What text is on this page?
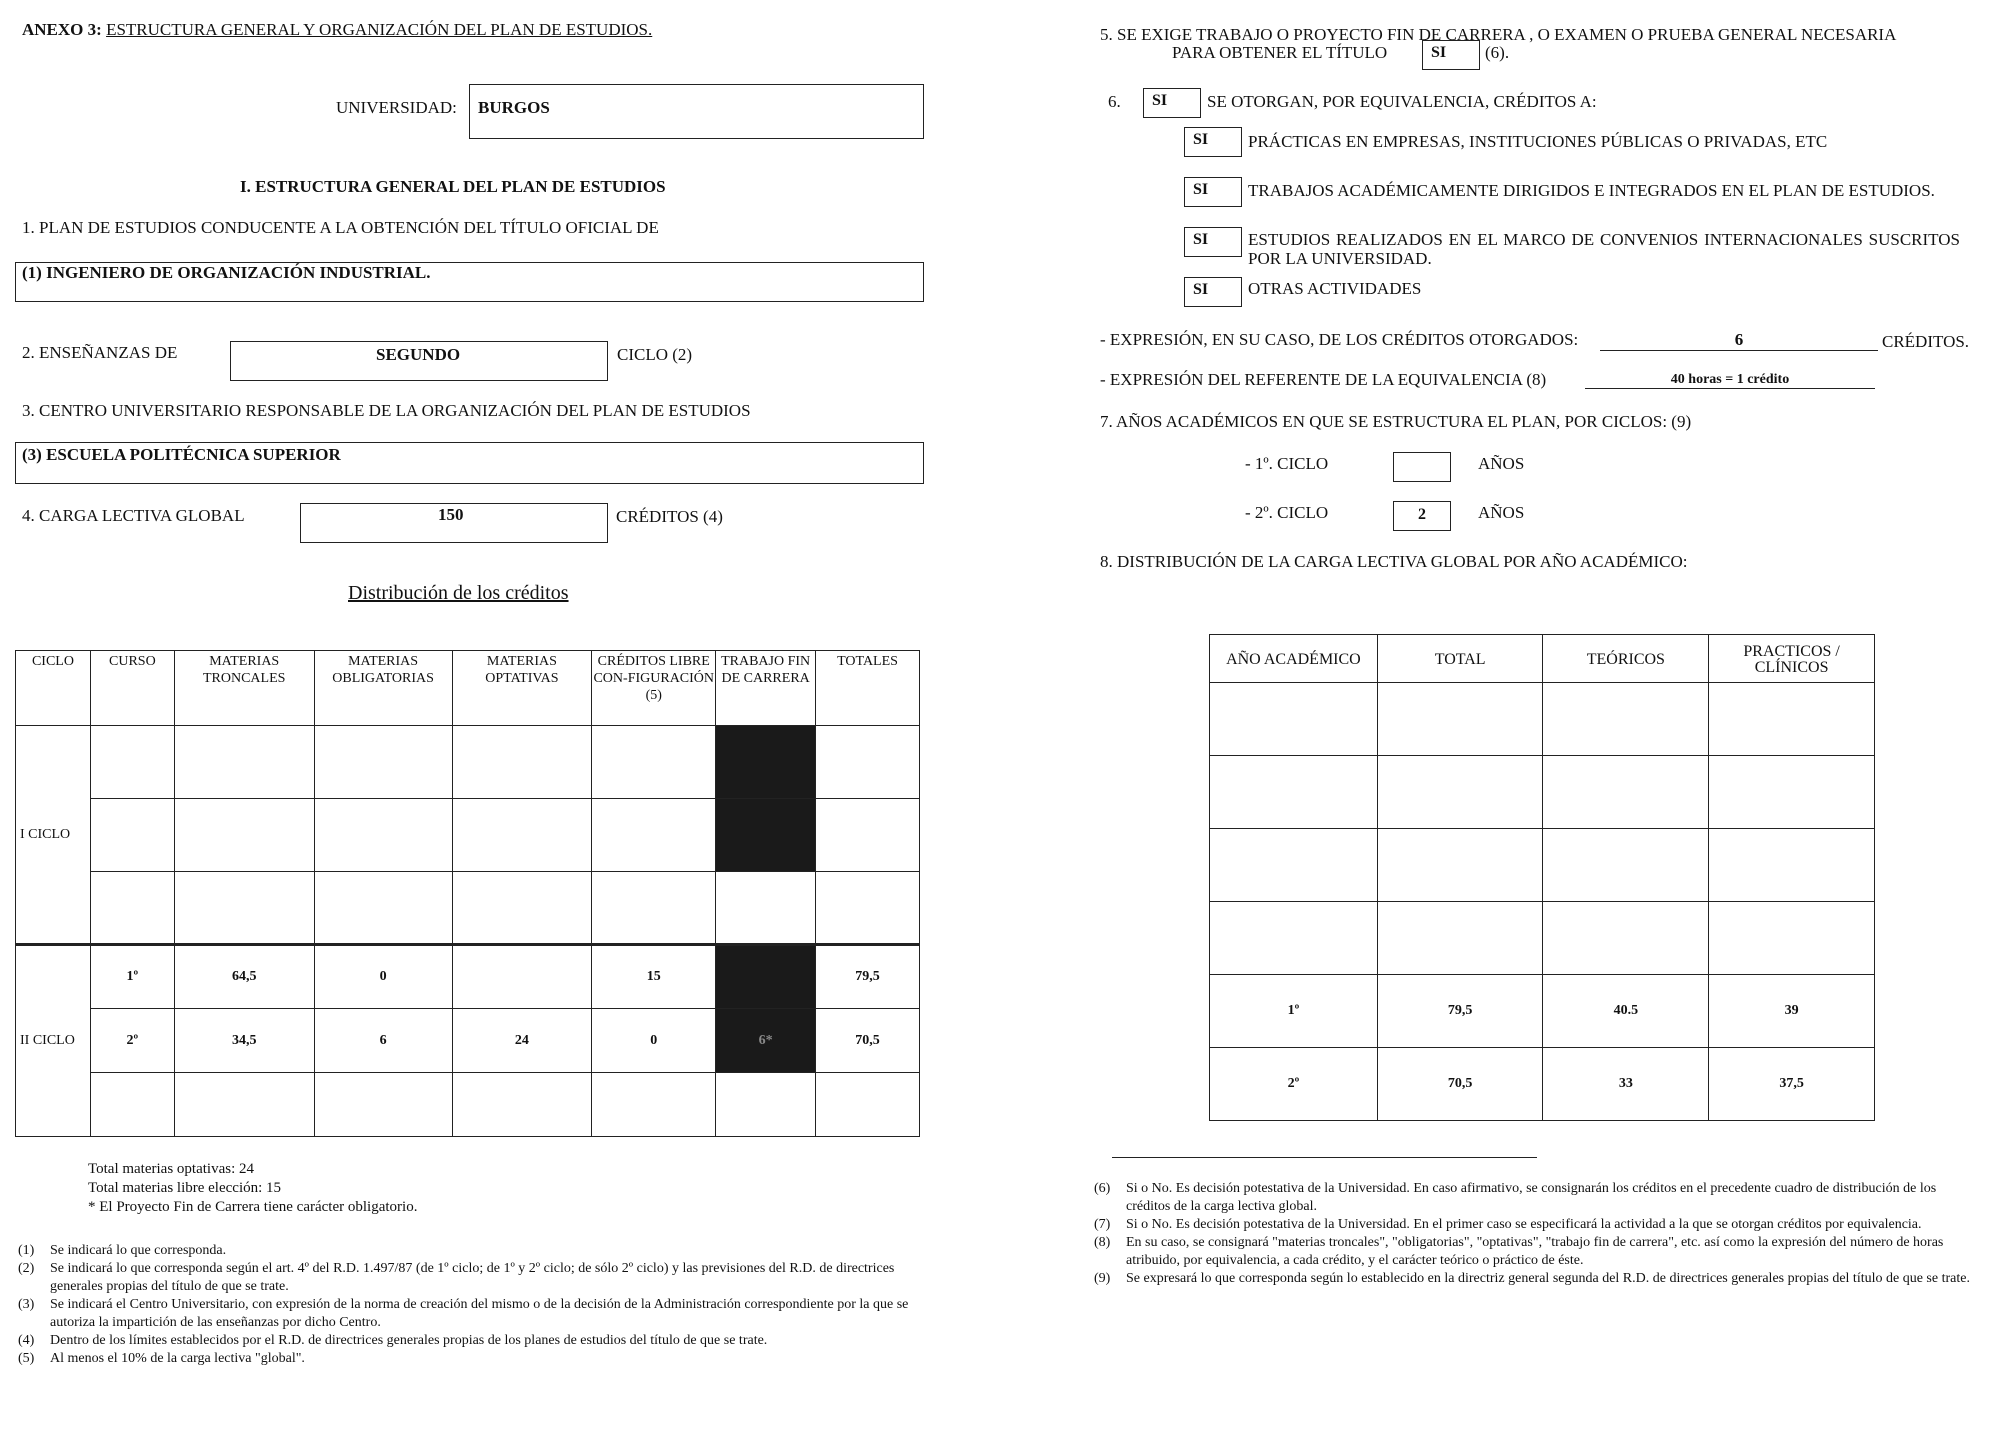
ANEXO 3: ESTRUCTURA GENERAL Y ORGANIZACIÓN DEL PLAN DE ESTUDIOS.
UNIVERSIDAD: BURGOS
I. ESTRUCTURA GENERAL DEL PLAN DE ESTUDIOS
1. PLAN DE ESTUDIOS CONDUCENTE A LA OBTENCIÓN DEL TÍTULO OFICIAL DE
(1) INGENIERO DE ORGANIZACIÓN INDUSTRIAL.
2. ENSEÑANZAS DE	SEGUNDO	CICLO (2)
3. CENTRO UNIVERSITARIO RESPONSABLE DE LA ORGANIZACIÓN DEL PLAN DE ESTUDIOS
(3) ESCUELA POLITÉCNICA SUPERIOR
4. CARGA LECTIVA GLOBAL	150	CRÉDITOS (4)
Distribución de los créditos
CICLO	CURSO	MATERIAS TRONCALES	MATERIAS OBLIGATORIAS	MATERIAS OPTATIVAS	CRÉDITOS LIBRE CON-FIGURACIÓN (5)	TRABAJO FIN DE CARRERA	TOTALES
I CICLO							

II CICLO	1º	64,5	0		15		79,5
	2º	34,5	6	24	0	6*	70,5

Total materias optativas: 24
Total materias libre elección: 15
* El Proyecto Fin de Carrera tiene carácter obligatorio.
(1)	Se indicará lo que corresponda.
(2)	Se indicará lo que corresponda según el art. 4º del R.D. 1.497/87 (de 1º ciclo; de 1º y 2º ciclo; de sólo 2º ciclo) y las previsiones del R.D. de directrices generales propias del título de que se trate.
(3)	Se indicará el Centro Universitario, con expresión de la norma de creación del mismo o de la decisión de la Administración correspondiente por la que se autoriza la impartición de las enseñanzas por dicho Centro.
(4)	Dentro de los límites establecidos por el R.D. de directrices generales propias de los planes de estudios del título de que se trate.
(5)	Al menos el 10% de la carga lectiva "global".
5. SE EXIGE TRABAJO O PROYECTO FIN DE CARRERA , O EXAMEN O PRUEBA GENERAL NECESARIA
PARA OBTENER EL TÍTULO	SI	(6).
6.	SI	SE OTORGAN, POR EQUIVALENCIA, CRÉDITOS A:
SI	PRÁCTICAS EN EMPRESAS, INSTITUCIONES PÚBLICAS O PRIVADAS, ETC
SI	TRABAJOS ACADÉMICAMENTE DIRIGIDOS E INTEGRADOS EN EL PLAN DE ESTUDIOS.
SI	ESTUDIOS REALIZADOS EN EL MARCO DE CONVENIOS INTERNACIONALES SUSCRITOS POR LA UNIVERSIDAD.
SI	OTRAS ACTIVIDADES
- EXPRESIÓN, EN SU CASO, DE LOS CRÉDITOS OTORGADOS:	6	CRÉDITOS.
- EXPRESIÓN DEL REFERENTE DE LA EQUIVALENCIA (8)	40 horas = 1 crédito
7. AÑOS ACADÉMICOS EN QUE SE ESTRUCTURA EL PLAN, POR CICLOS: (9)
- 1º. CICLO	AÑOS
- 2º. CICLO	2	AÑOS
8. DISTRIBUCIÓN DE LA CARGA LECTIVA GLOBAL POR AÑO ACADÉMICO:
AÑO ACADÉMICO	TOTAL	TEÓRICOS	PRACTICOS / CLÍNICOS

1º	79,5	40.5	39
2º	70,5	33	37,5
(6)	Si o No. Es decisión potestativa de la Universidad. En caso afirmativo, se consignarán los créditos en el precedente cuadro de distribución de los créditos de la carga lectiva global.
(7)	Si o No. Es decisión potestativa de la Universidad. En el primer caso se especificará la actividad a la que se otorgan créditos por equivalencia.
(8)	En su caso, se consignará "materias troncales", "obligatorias", "optativas", "trabajo fin de carrera", etc. así como la expresión del número de horas atribuido, por equivalencia, a cada crédito, y el carácter teórico o práctico de éste.
(9)	Se expresará lo que corresponda según lo establecido en la directriz general segunda del R.D. de directrices generales propias del título de que se trate.
